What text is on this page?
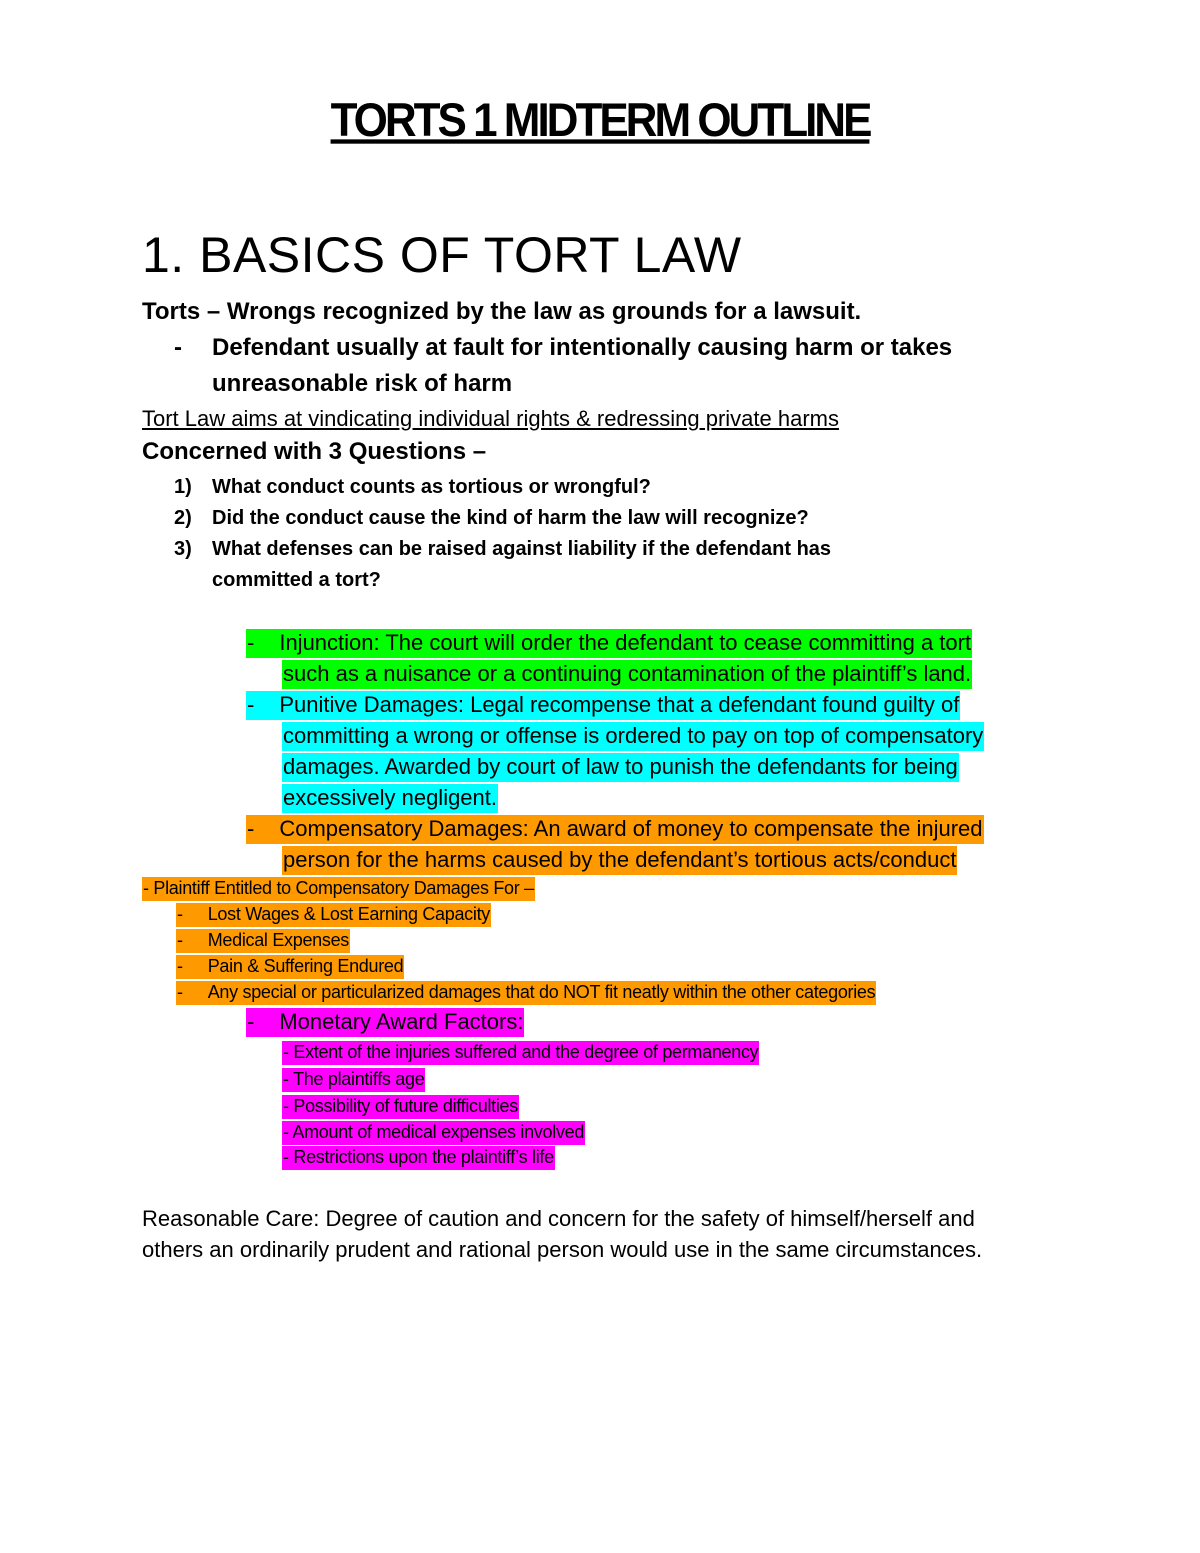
TORTS 1 MIDTERM OUTLINE
1. BASICS OF TORT LAW
Torts – Wrongs recognized by the law as grounds for a lawsuit.
- Defendant usually at fault for intentionally causing harm or takes
unreasonable risk of harm
Tort Law aims at vindicating individual rights & redressing private harms
Concerned with 3 Questions –
1) What conduct counts as tortious or wrongful?
2) Did the conduct cause the kind of harm the law will recognize?
3) What defenses can be raised against liability if the defendant has
committed a tort?
- Injunction: The court will order the defendant to cease committing a tort
such as a nuisance or a continuing contamination of the plaintiff’s land.
- Punitive Damages: Legal recompense that a defendant found guilty of
committing a wrong or offense is ordered to pay on top of compensatory
damages. Awarded by court of law to punish the defendants for being
excessively negligent.
- Compensatory Damages: An award of money to compensate the injured
person for the harms caused by the defendant’s tortious acts/conduct
- Plaintiff Entitled to Compensatory Damages For –
- Lost Wages & Lost Earning Capacity
- Medical Expenses
- Pain & Suffering Endured
- Any special or particularized damages that do NOT fit neatly within the other categories
- Monetary Award Factors:
- Extent of the injuries suffered and the degree of permanency
- The plaintiffs age
- Possibility of future difficulties
- Amount of medical expenses involved
- Restrictions upon the plaintiff’s life
Reasonable Care: Degree of caution and concern for the safety of himself/herself and
others an ordinarily prudent and rational person would use in the same circumstances.
